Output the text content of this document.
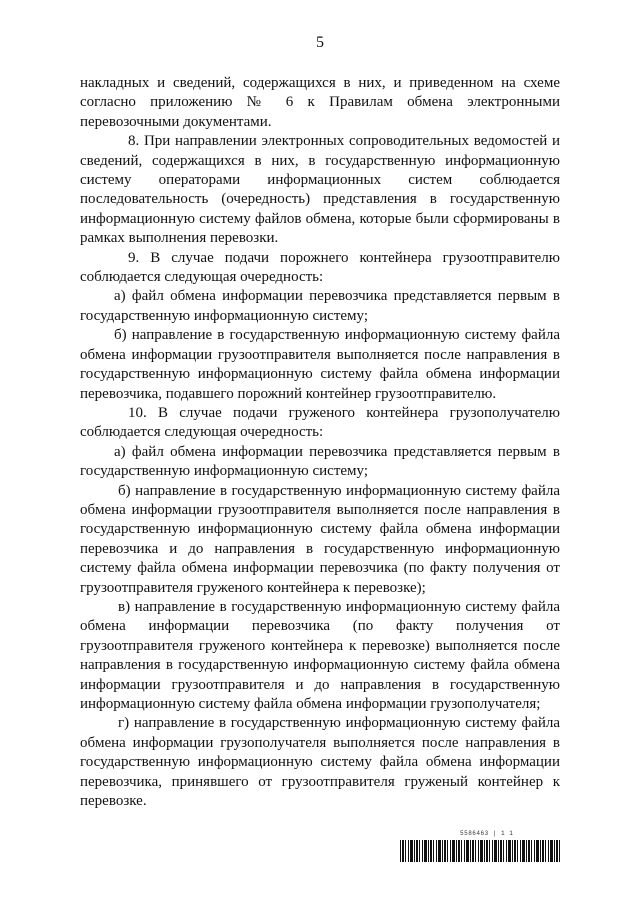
5

накладных и сведений, содержащихся в них, и приведенном на схеме согласно приложению № 6 к Правилам обмена электронными перевозочными документами.

8. При направлении электронных сопроводительных ведомостей и сведений, содержащихся в них, в государственную информационную систему операторами информационных систем соблюдается последовательность (очередность) представления в государственную информационную систему файлов обмена, которые были сформированы в рамках выполнения перевозки.

9. В случае подачи порожнего контейнера грузоотправителю соблюдается следующая очередность:

а) файл обмена информации перевозчика представляется первым в государственную информационную систему;

б) направление в государственную информационную систему файла обмена информации грузоотправителя выполняется после направления в государственную информационную систему файла обмена информации перевозчика, подавшего порожний контейнер грузоотправителю.

10. В случае подачи груженого контейнера грузополучателю соблюдается следующая очередность:

а) файл обмена информации перевозчика представляется первым в государственную информационную систему;

б) направление в государственную информационную систему файла обмена информации грузоотправителя выполняется после направления в государственную информационную систему файла обмена информации перевозчика и до направления в государственную информационную систему файла обмена информации перевозчика (по факту получения от грузоотправителя груженого контейнера к перевозке);

в) направление в государственную информационную систему файла обмена информации перевозчика (по факту получения от грузоотправителя груженого контейнера к перевозке) выполняется после направления в государственную информационную систему файла обмена информации грузоотправителя и до направления в государственную информационную систему файла обмена информации грузополучателя;

г) направление в государственную информационную систему файла обмена информации грузополучателя выполняется после направления в государственную информационную систему файла обмена информации перевозчика, принявшего от грузоотправителя груженый контейнер к перевозке.

5586463 | 1 1
